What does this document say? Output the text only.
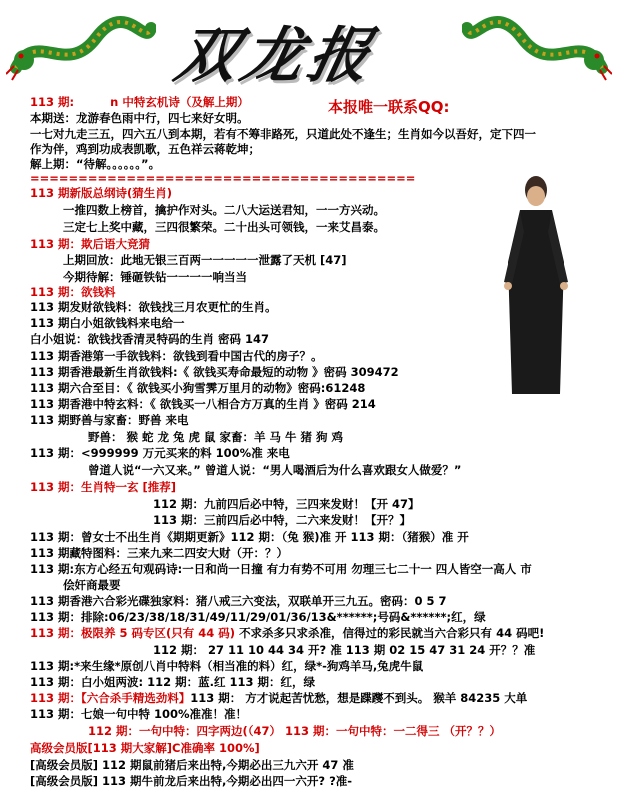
双龙报
本报唯一联系QQ:
113 期:	n 中特玄机诗（及解上期）
本期送：龙游春色雨中行，四七来好女明。
一七对九走三五，四六五八到本期，若有不筹非路死，只道此处不逢生；生肖如今以吾好，定下四一
作为伴，鸡到功成表凯歌，五色祥云蒋乾坤；
解上期：“待解。。。。。。”。
========================================
113 期新版总纲诗(猜生肖)
一推四数上榜首，擒护作对头。二八大运送君知，一一方兴动。
三定七上奖中藏，三四很繁荣。二十出头可领钱，一来艾昌泰。
113 期：欺后语大竞猜
上期回放：此地无银三百两一一一一一泄露了天机 [47]
今期待解：锤砸铁钻一一一一响当当
113 期：欲钱料
113 期发财欲钱料：欲钱找三月农更忙的生肖。
113 期白小姐欲钱料来电给一
白小姐说：欲钱找香清灵特码的生肖 密码 147
113 期香港第一手欲钱料：欲钱到看中国古代的房子？。
113 期香港最新生肖欲钱料:《 欲钱买寿命最短的动物 》密码 309472
113 期六合至目：《 欲钱买小狗雪霁万里月的动物》密码:61248
113 期香港中特玄料：《 欲钱买一八相合方万真的生肖 》密码 214
113 期野兽与家畜：野兽 来电
野兽： 猴 蛇 龙 兔 虎 鼠 家畜：羊 马 牛 猪 狗 鸡
113 期：<999999 万元买来的料 100%准 来电
曾道人说“一六又来。” 曾道人说：“男人喝酒后为什么喜欢跟女人做爱？”
113 期：生肖特一玄 [推荐]
112 期：九前四后必中特，三四来发财！【开 47】
113 期：三前四后必中特，二六来发财！【开？】
113 期：曾女士不出生肖《期期更新》112 期：（兔 猴)准 开 113 期：（猪猴）准 开
113 期藏特图料：三来九来二四安大财（开：？）
113 期:东方心经五句观码诗:一日和尚一日撞 有力有势不可用 勿理三七二十一 四人皆空一高人 市
侩奸商最要
113 期香港六合彩光碟独家料：猪八戒三六变法，双联单开三九五。密码：0 5 7
113 期：排除:06/23/38/18/31/49/11/29/01/36/13&******;号码&******;红，绿
113 期：极限养 5 码专区(只有 44 码) 不求杀多只求杀准，信得过的彩民就当六合彩只有 44 码吧!
112 期： 27 11 10 44 34 开? 准 113 期 02 15 47 31 24 开？？准
113 期:*来生缘*原创八肖中特料（相当准的料）红，绿*-狗鸡羊马,兔虎牛鼠
113 期：白小姐两波: 112 期：蓝.红 113 期：红，绿
113 期：【六合杀手精选劲料】113 期： 方才说起苦忧愁，想是蹀躞不到头。 猴羊 84235 大单
113 期：七娘一句中特 100%准准！准！
112 期：一句中特：四字两边(（47） 113 期：一句中特：一二得三 （开？？）
高级会员版[113 期大家解]C准确率 100%]
[高级会员版] 112 期鼠前猪后来出特,今期必出三九六开 47 准
[高级会员版] 113 期牛前龙后来出特,今期必出四一六开? ?准-
